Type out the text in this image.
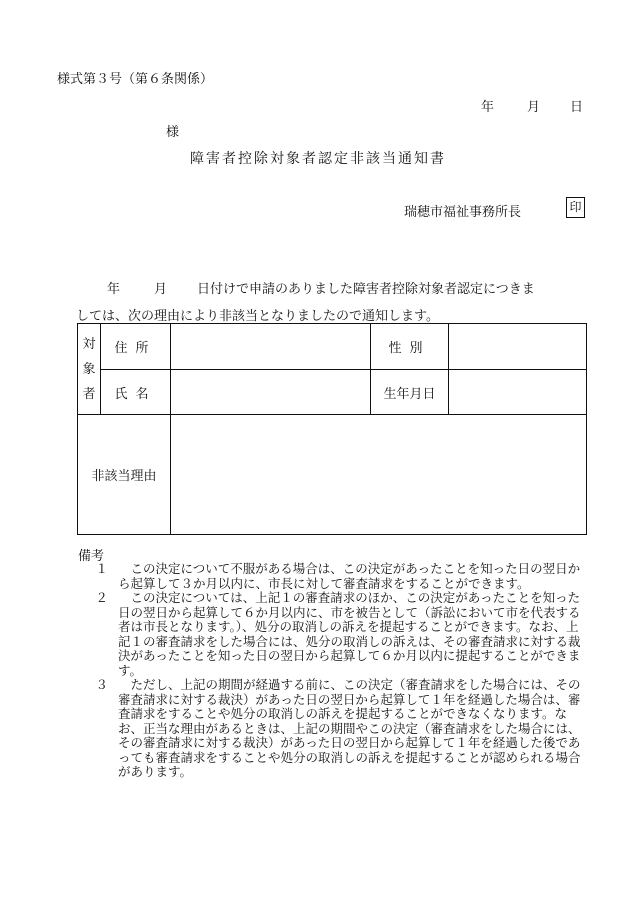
様式第３号（第６条関係）
年	月 日
様
障害者控除対象者認定非該当通知書
瑞穂市福祉事務所長	印
年	月 日付けで申請のありました障害者控除対象者認定につきま
しては、次の理由により非該当となりましたので通知します。
対
象
者	住所		性別	
	氏名		生年月日	
非該当理由				
備考
１	この決定について不服がある場合は、この決定があったことを知った日の翌日から起算して３か月以内に、市長に対して審査請求をすることができます。
２	この決定については、上記１の審査請求のほか、この決定があったことを知った日の翌日から起算して６か月以内に、市を被告として（訴訟において市を代表する者は市長となります。）、処分の取消しの訴えを提起することができます。なお、上記１の審査請求をした場合には、処分の取消しの訴えは、その審査請求に対する裁決があったことを知った日の翌日から起算して６か月以内に提起することができます。
３	ただし、上記の期間が経過する前に、この決定（審査請求をした場合には、その審査請求に対する裁決）があった日の翌日から起算して１年を経過した場合は、審査請求をすることや処分の取消しの訴えを提起することができなくなります。なお、正当な理由があるときは、上記の期間やこの決定（審査請求をした場合には、その審査請求に対する裁決）があった日の翌日から起算して１年を経過した後であっても審査請求をすることや処分の取消しの訴えを提起することが認められる場合があります。
